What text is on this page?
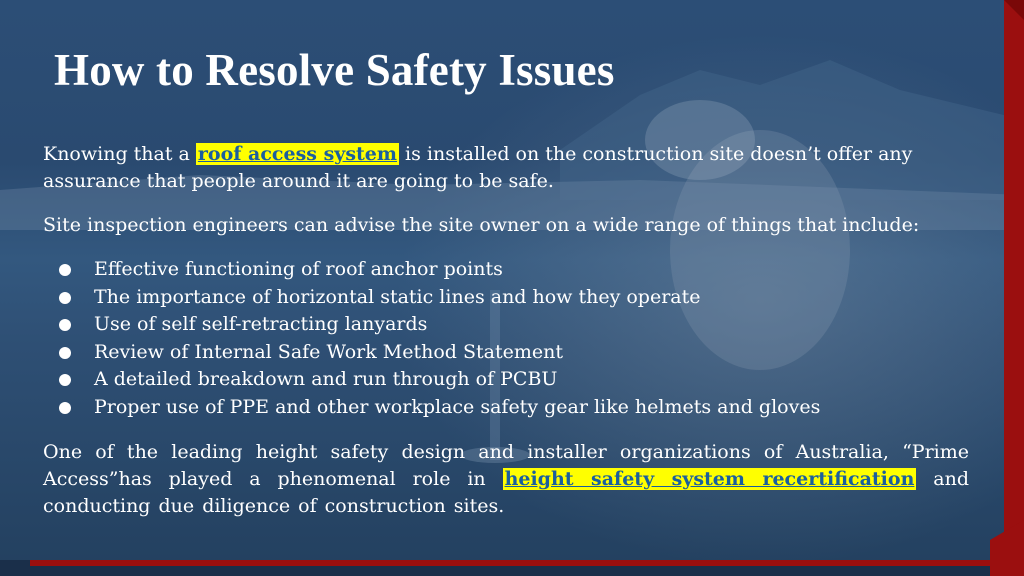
How to Resolve Safety Issues

Knowing that a roof access system is installed on the construction site doesn’t offer any assurance that people around it are going to be safe.

Site inspection engineers can advise the site owner on a wide range of things that include:

Effective functioning of roof anchor points
The importance of horizontal static lines and how they operate
Use of self self-retracting lanyards
Review of Internal Safe Work Method Statement
A detailed breakdown and run through of PCBU
Proper use of PPE and other workplace safety gear like helmets and gloves

One of the leading height safety design and installer organizations of Australia, “Prime Access”has played a phenomenal role in height safety system recertification and conducting due diligence of construction sites.
